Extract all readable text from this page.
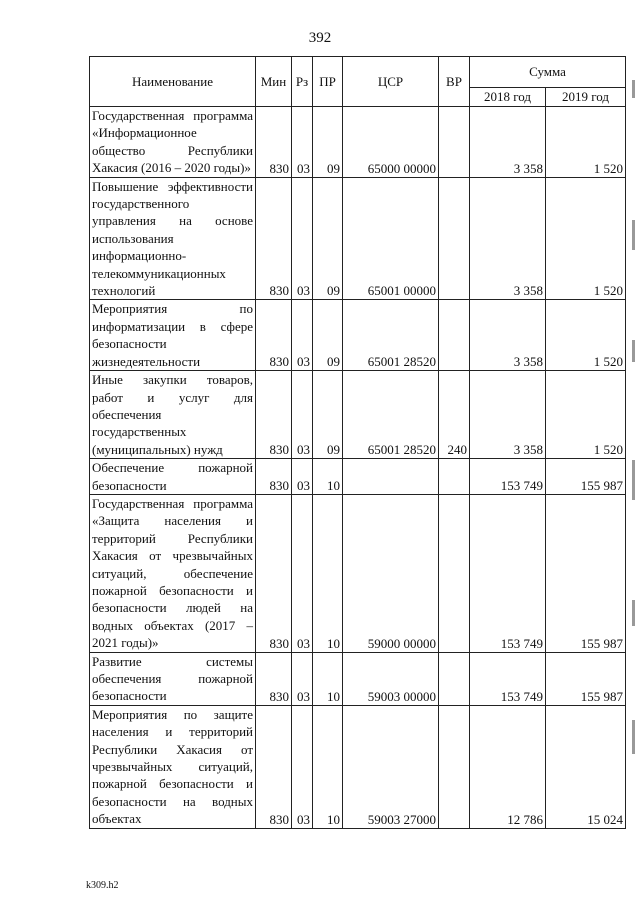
392
Наименование	Мин	Рз	ПР	ЦСР	ВР	Сумма	
						2018 год	2019 год
Государственная программа «Информационное общество Республики Хакасия (2016 – 2020 годы)»	830	03	09	65000 00000		3 358	1 520
Повышение эффективности государственного управления на основе использования информационно-телекоммуникационных технологий	830	03	09	65001 00000		3 358	1 520
Мероприятия по информатизации в сфере безопасности жизнедеятельности	830	03	09	65001 28520		3 358	1 520
Иные закупки товаров, работ и услуг для обеспечения государственных (муниципальных) нужд	830	03	09	65001 28520	240	3 358	1 520
Обеспечение пожарной безопасности	830	03	10			153 749	155 987
Государственная программа «Защита населения и территорий Республики Хакасия от чрезвычайных ситуаций, обеспечение пожарной безопасности и безопасности людей на водных объектах (2017 – 2021 годы)»	830	03	10	59000 00000		153 749	155 987
Развитие системы обеспечения пожарной безопасности	830	03	10	59003 00000		153 749	155 987
Мероприятия по защите населения и территорий Республики Хакасия от чрезвычайных ситуаций, пожарной безопасности и безопасности на водных объектах	830	03	10	59003 27000		12 786	15 024
k309.h2
